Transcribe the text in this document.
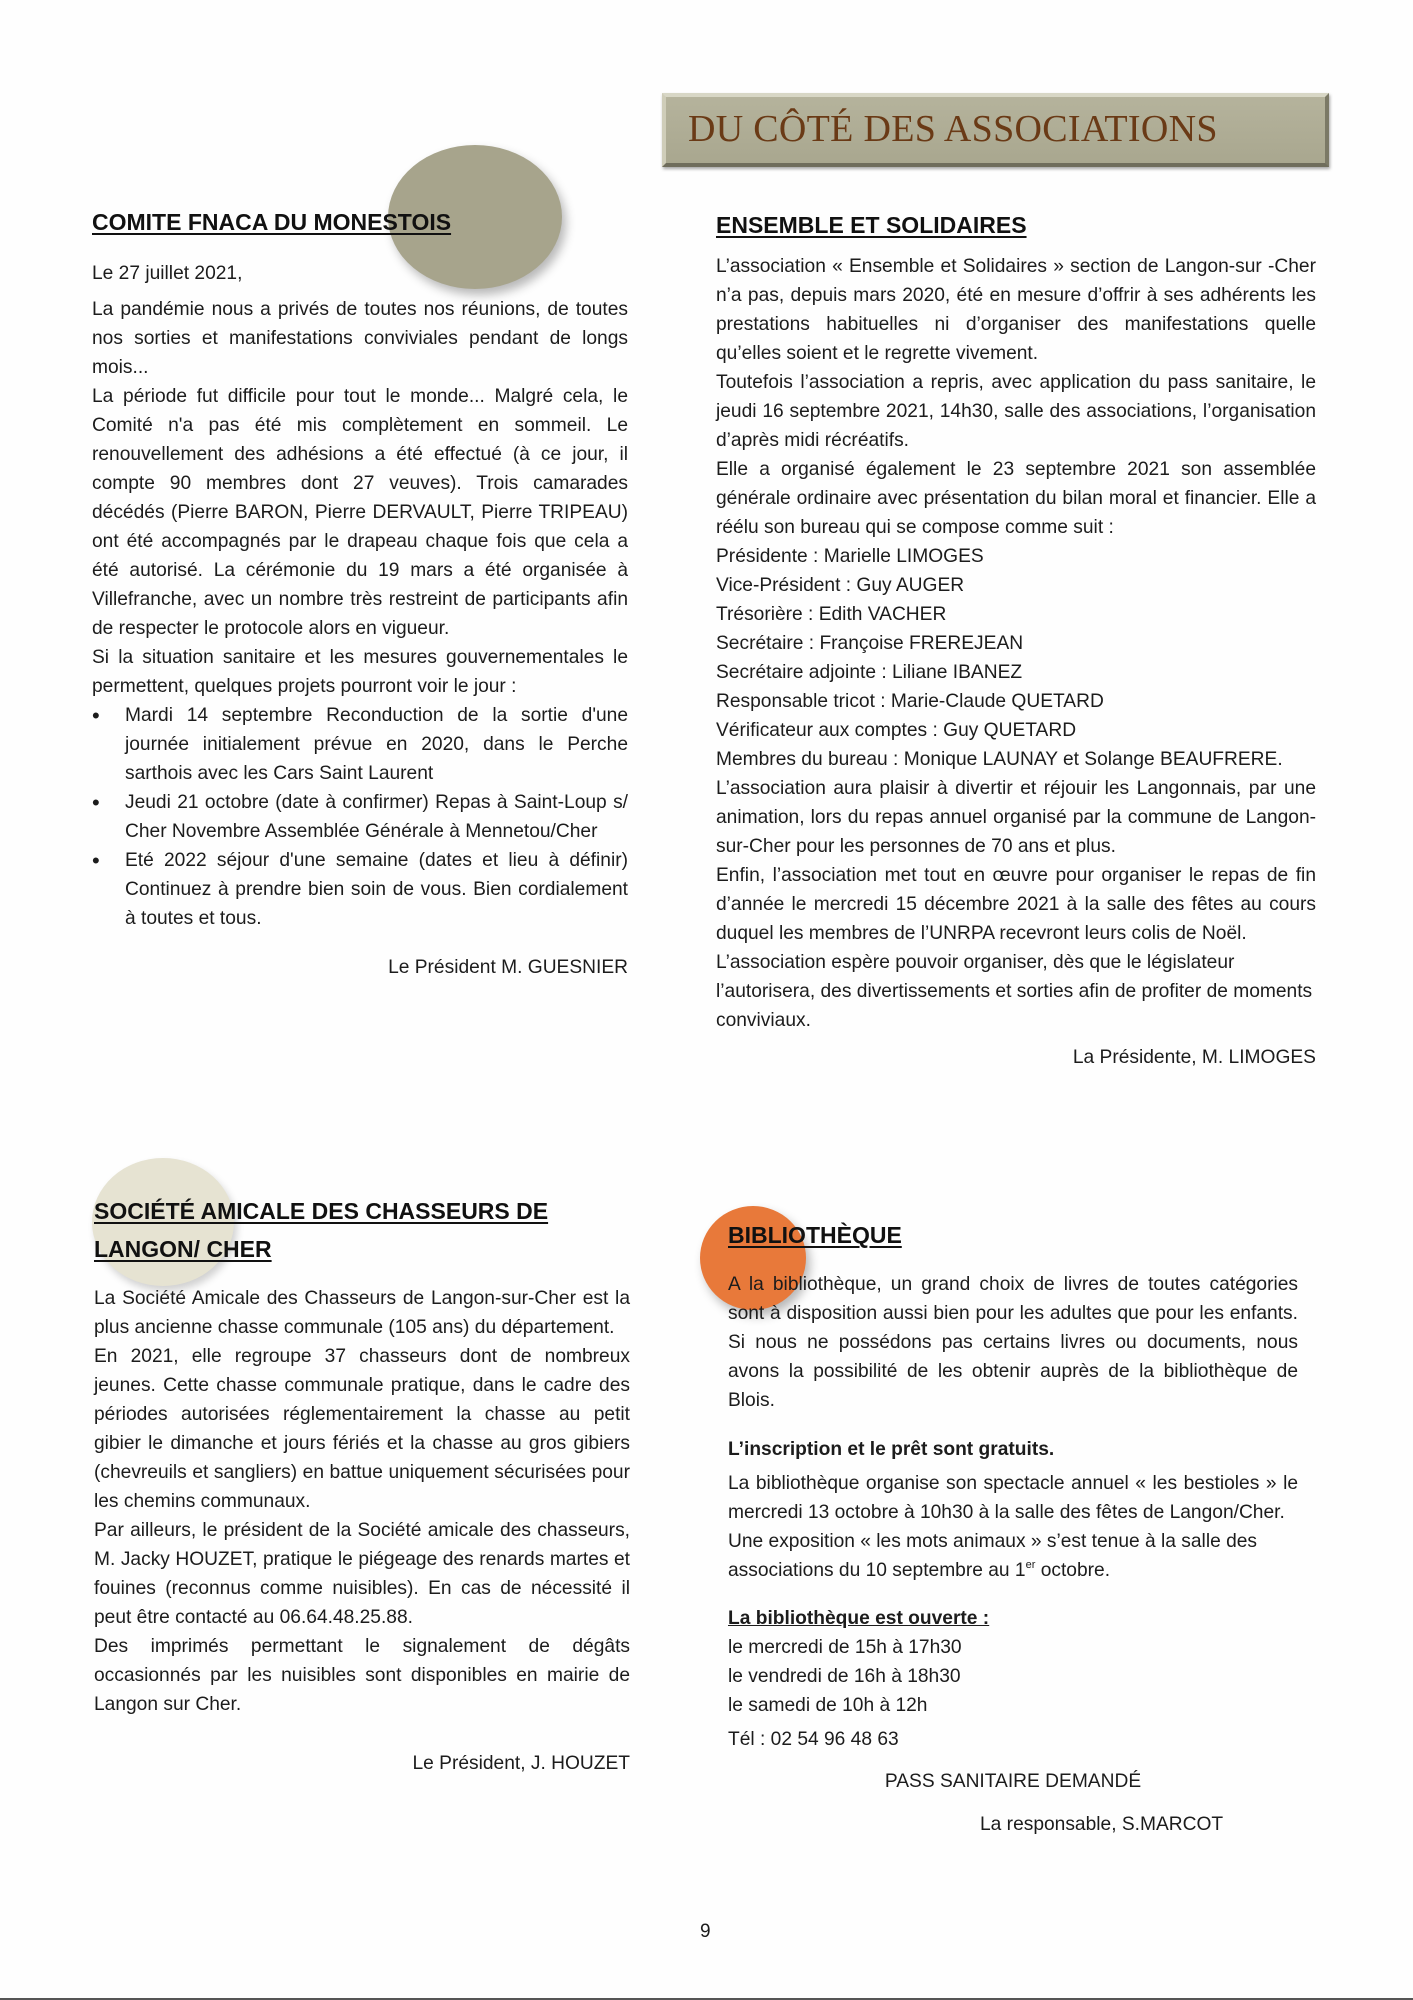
DU CÔTÉ DES ASSOCIATIONS
COMITE FNACA DU MONESTOIS

Le 27 juillet 2021,

La pandémie nous a privés de toutes nos réunions, de toutes nos sorties et manifestations conviviales pendant de longs mois...

La période fut difficile pour tout le monde... Malgré cela, le Comité n'a pas été mis complètement en sommeil. Le renouvellement des adhésions a été effectué (à ce jour, il compte 90 membres dont 27 veuves). Trois camarades décédés (Pierre BARON, Pierre DERVAULT, Pierre TRIPEAU) ont été accompagnés par le drapeau chaque fois que cela a été autorisé. La cérémonie du 19 mars a été organisée à Villefranche, avec un nombre très restreint de participants afin de respecter le protocole alors en vigueur.

Si la situation sanitaire et les mesures gouvernementales le permettent, quelques projets pourront voir le jour :

• Mardi 14 septembre Reconduction de la sortie d'une journée initialement prévue en 2020, dans le Perche sarthois avec les Cars Saint Laurent
• Jeudi 21 octobre (date à confirmer) Repas à Saint-Loup s/ Cher Novembre Assemblée Générale à Mennetou/Cher
• Eté 2022 séjour d'une semaine (dates et lieu à définir) Continuez à prendre bien soin de vous. Bien cordialement à toutes et tous.

Le Président M. GUESNIER

SOCIÉTÉ AMICALE DES CHASSEURS DE LANGON/ CHER

La Société Amicale des Chasseurs de Langon-sur-Cher est la plus ancienne chasse communale (105 ans) du département.

En 2021, elle regroupe 37 chasseurs dont de nombreux jeunes. Cette chasse communale pratique, dans le cadre des périodes autorisées réglementairement la chasse au petit gibier le dimanche et jours fériés et la chasse au gros gibiers (chevreuils et sangliers) en battue uniquement sécurisées pour les chemins communaux.

Par ailleurs, le président de la Société amicale des chasseurs, M. Jacky HOUZET, pratique le piégeage des renards martes et fouines (reconnus comme nuisibles). En cas de nécessité il peut être contacté au 06.64.48.25.88.

Des imprimés permettant le signalement de dégâts occasionnés par les nuisibles sont disponibles en mairie de Langon sur Cher.

Le Président, J. HOUZET

ENSEMBLE ET SOLIDAIRES

L’association « Ensemble et Solidaires » section de Langon-sur -Cher n’a pas, depuis mars 2020, été en mesure d’offrir à ses adhérents les prestations habituelles ni d’organiser des manifestations quelle qu’elles soient et le regrette vivement.

Toutefois l’association a repris, avec application du pass sanitaire, le jeudi 16 septembre 2021, 14h30, salle des associations, l’organisation d’après midi récréatifs.

Elle a organisé également le 23 septembre 2021 son assemblée générale ordinaire avec présentation du bilan moral et financier. Elle a réélu son bureau qui se compose comme suit :

Présidente : Marielle LIMOGES

Vice-Président : Guy AUGER

Trésorière : Edith VACHER

Secrétaire : Françoise FREREJEAN

Secrétaire adjointe : Liliane IBANEZ

Responsable tricot : Marie-Claude QUETARD

Vérificateur aux comptes : Guy QUETARD

Membres du bureau : Monique LAUNAY et Solange BEAUFRERE.

L’association aura plaisir à divertir et réjouir les Langonnais, par une animation, lors du repas annuel organisé par la commune de Langon-sur-Cher pour les personnes de 70 ans et plus.

Enfin, l’association met tout en œuvre pour organiser le repas de fin d’année le mercredi 15 décembre 2021 à la salle des fêtes au cours duquel les membres de l’UNRPA recevront leurs colis de Noël.

L’association espère pouvoir organiser, dès que le législateur l’autorisera, des divertissements et sorties afin de profiter de moments conviviaux.

La Présidente, M. LIMOGES

BIBLIOTHÈQUE

A la bibliothèque, un grand choix de livres de toutes catégories sont à disposition aussi bien pour les adultes que pour les enfants. Si nous ne possédons pas certains livres ou documents, nous avons la possibilité de les obtenir auprès de la bibliothèque de Blois.

L’inscription et le prêt sont gratuits.

La bibliothèque organise son spectacle annuel « les bestioles » le mercredi 13 octobre à 10h30 à la salle des fêtes de Langon/Cher.

Une exposition « les mots animaux » s’est tenue à la salle des associations du 10 septembre au 1er octobre.

La bibliothèque est ouverte :

le mercredi de 15h à 17h30

le vendredi de 16h à 18h30

le samedi de 10h à 12h

Tél : 02 54 96 48 63

PASS SANITAIRE DEMANDÉ

La responsable, S.MARCOT

9
